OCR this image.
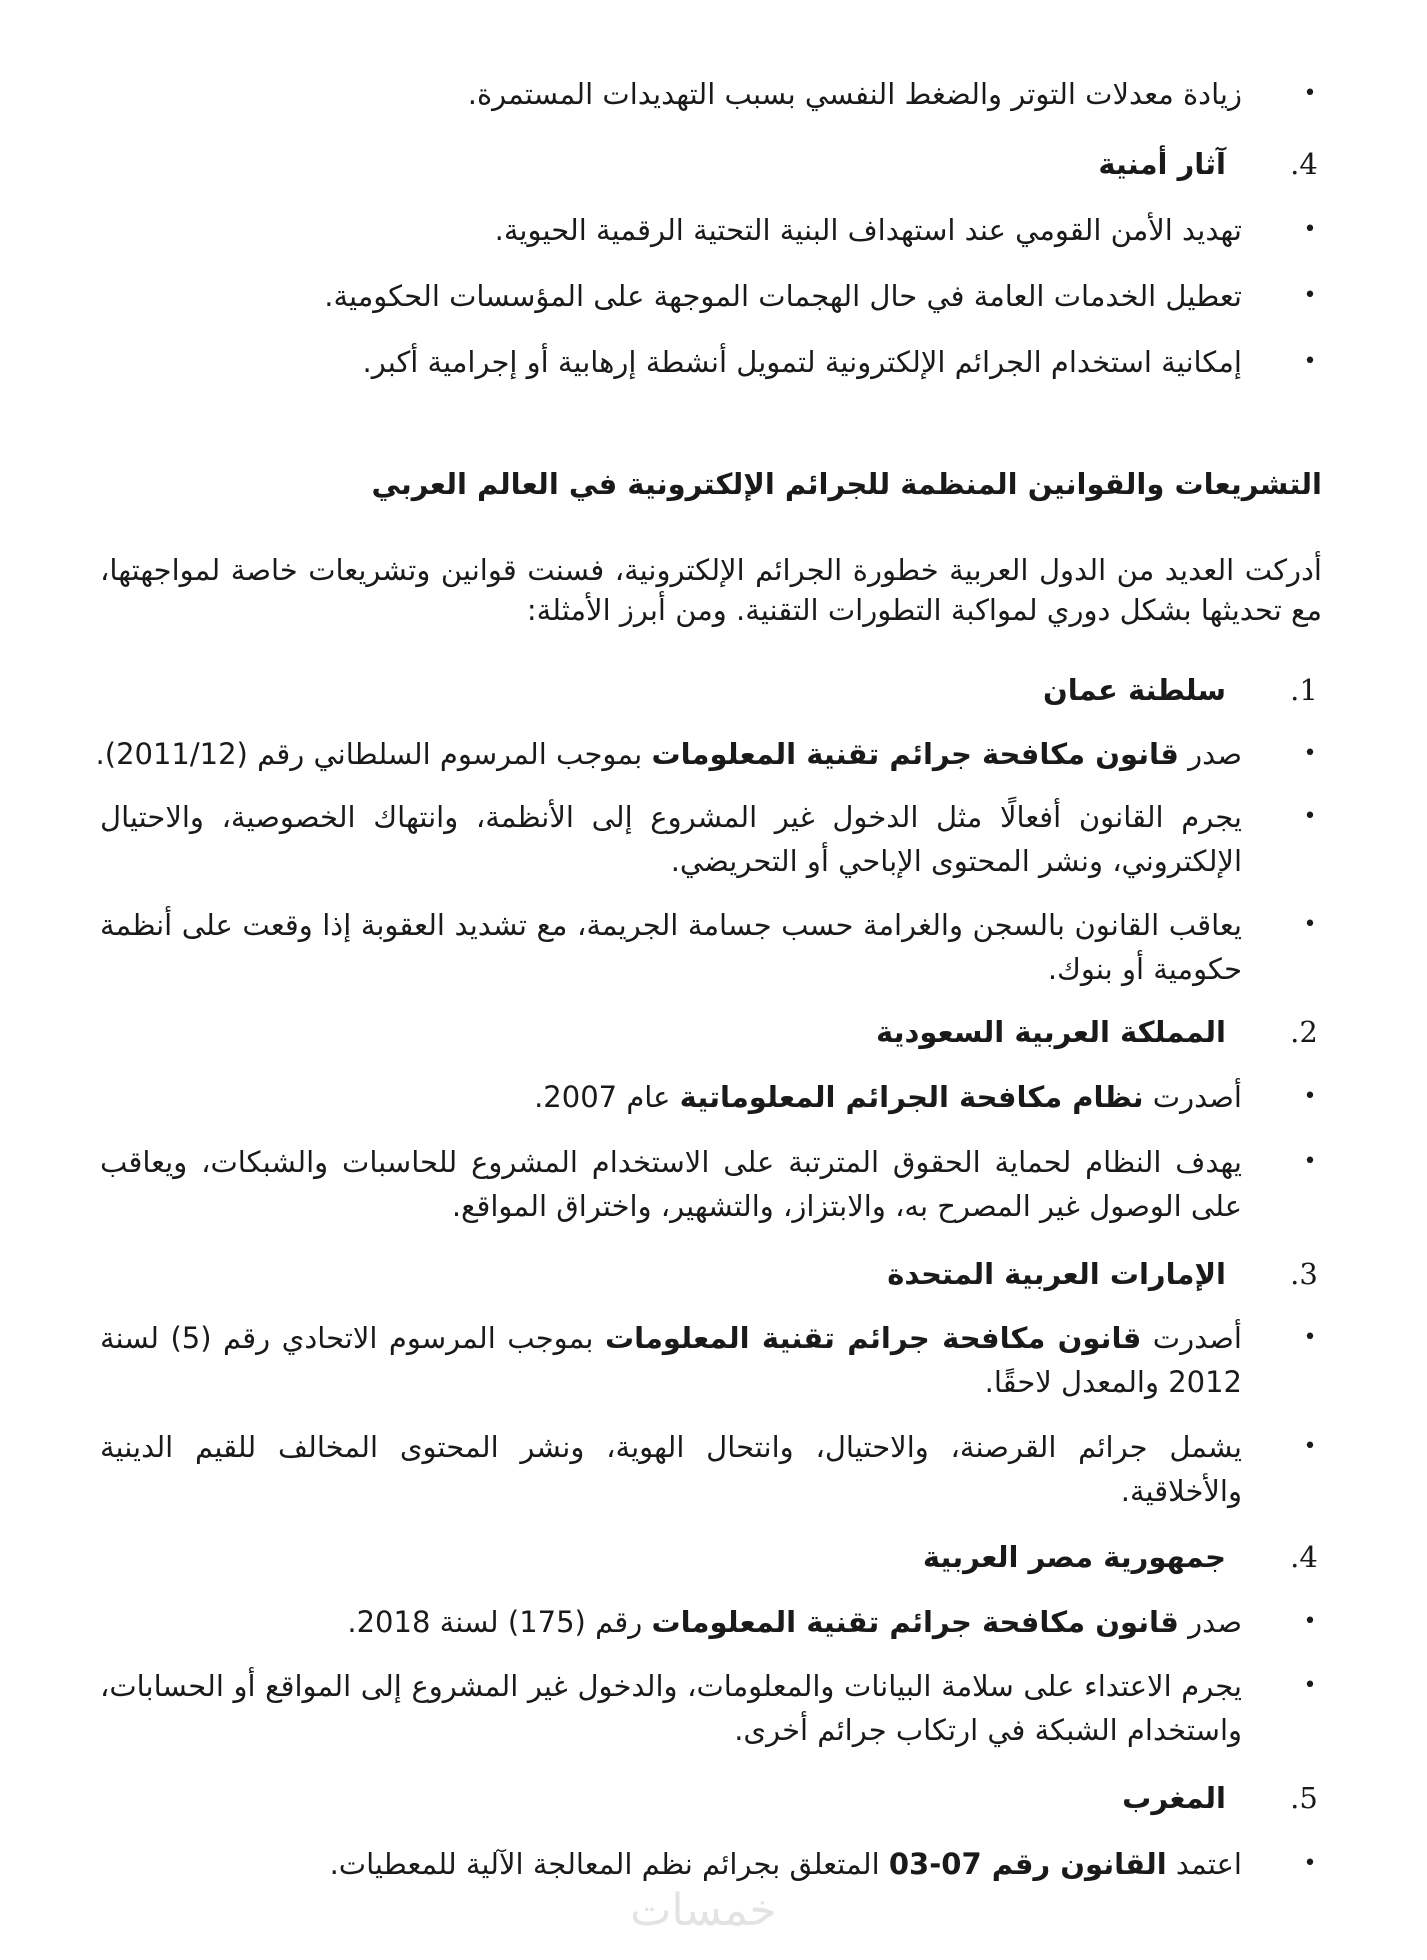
•
زيادة معدلات التوتر والضغط النفسي بسبب التهديدات المستمرة.
4.
آثار أمنية
•
تهديد الأمن القومي عند استهداف البنية التحتية الرقمية الحيوية.
•
تعطيل الخدمات العامة في حال الهجمات الموجهة على المؤسسات الحكومية.
•
إمكانية استخدام الجرائم الإلكترونية لتمويل أنشطة إرهابية أو إجرامية أكبر.
التشريعات والقوانين المنظمة للجرائم الإلكترونية في العالم العربي
أدركت العديد من الدول العربية خطورة الجرائم الإلكترونية، فسنت قوانين وتشريعات خاصة لمواجهتها، مع تحديثها بشكل دوري لمواكبة التطورات التقنية. ومن أبرز الأمثلة:
1.
سلطنة عمان
•
صدر قانون مكافحة جرائم تقنية المعلومات بموجب المرسوم السلطاني رقم (2011/12).
•
يجرم القانون أفعالًا مثل الدخول غير المشروع إلى الأنظمة، وانتهاك الخصوصية، والاحتيال الإلكتروني، ونشر المحتوى الإباحي أو التحريضي.
•
يعاقب القانون بالسجن والغرامة حسب جسامة الجريمة، مع تشديد العقوبة إذا وقعت على أنظمة حكومية أو بنوك.
2.
المملكة العربية السعودية
•
أصدرت نظام مكافحة الجرائم المعلوماتية عام 2007.
•
يهدف النظام لحماية الحقوق المترتبة على الاستخدام المشروع للحاسبات والشبكات، ويعاقب على الوصول غير المصرح به، والابتزاز، والتشهير، واختراق المواقع.
3.
الإمارات العربية المتحدة
•
أصدرت قانون مكافحة جرائم تقنية المعلومات بموجب المرسوم الاتحادي رقم (5) لسنة 2012 والمعدل لاحقًا.
•
يشمل جرائم القرصنة، والاحتيال، وانتحال الهوية، ونشر المحتوى المخالف للقيم الدينية والأخلاقية.
4.
جمهورية مصر العربية
•
صدر قانون مكافحة جرائم تقنية المعلومات رقم (175) لسنة 2018.
•
يجرم الاعتداء على سلامة البيانات والمعلومات، والدخول غير المشروع إلى المواقع أو الحسابات، واستخدام الشبكة في ارتكاب جرائم أخرى.
5.
المغرب
•
اعتمد القانون رقم 07-03 المتعلق بجرائم نظم المعالجة الآلية للمعطيات.
خمسات
